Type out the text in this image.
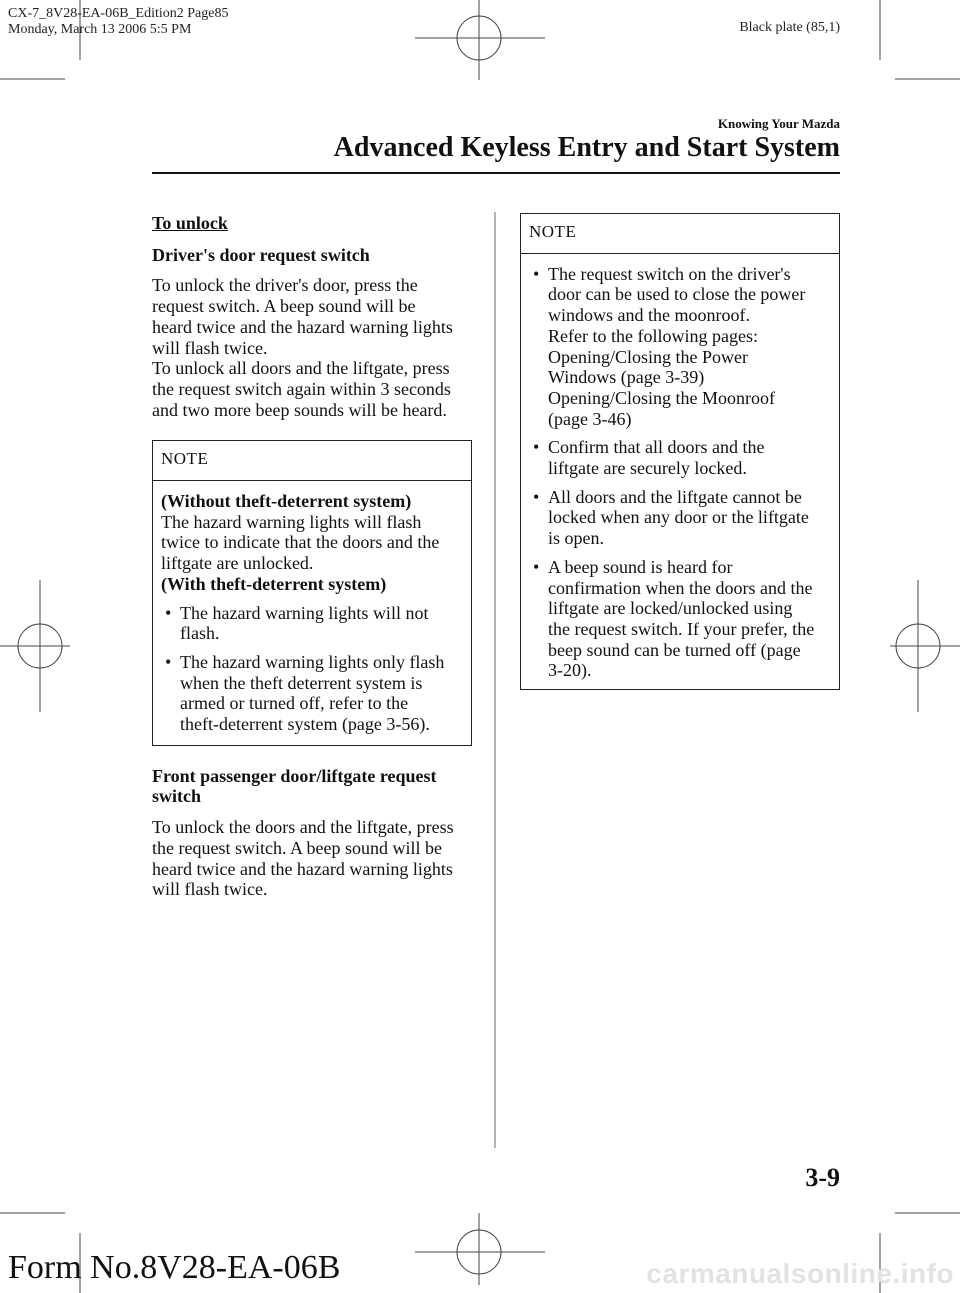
CX-7_8V28-EA-06B_Edition2 Page85
Monday, March 13 2006 5:5 PM	Black plate (85,1)
Knowing Your Mazda
Advanced Keyless Entry and Start System

To unlock

Driver's door request switch

To unlock the driver's door, press the
request switch. A beep sound will be
heard twice and the hazard warning lights
will flash twice.
To unlock all doors and the liftgate, press
the request switch again within 3 seconds
and two more beep sounds will be heard.
NOTE
(Without theft-deterrent system)
The hazard warning lights will flash
twice to indicate that the doors and the
liftgate are unlocked.
(With theft-deterrent system)
• The hazard warning lights will not
flash.
• The hazard warning lights only flash
when the theft deterrent system is
armed or turned off, refer to the
theft-deterrent system (page 3-56).
Front passenger door/liftgate request
switch
To unlock the doors and the liftgate, press
the request switch. A beep sound will be
heard twice and the hazard warning lights
will flash twice.
NOTE
• The request switch on the driver's
door can be used to close the power
windows and the moonroof.
Refer to the following pages:
Opening/Closing the Power
Windows (page 3-39)
Opening/Closing the Moonroof
(page 3-46)
• Confirm that all doors and the
liftgate are securely locked.
• All doors and the liftgate cannot be
locked when any door or the liftgate
is open.
• A beep sound is heard for
confirmation when the doors and the
liftgate are locked/unlocked using
the request switch. If your prefer, the
beep sound can be turned off (page
3-20).
3-9
Form No.8V28-EA-06B	carmanualsonline.info
